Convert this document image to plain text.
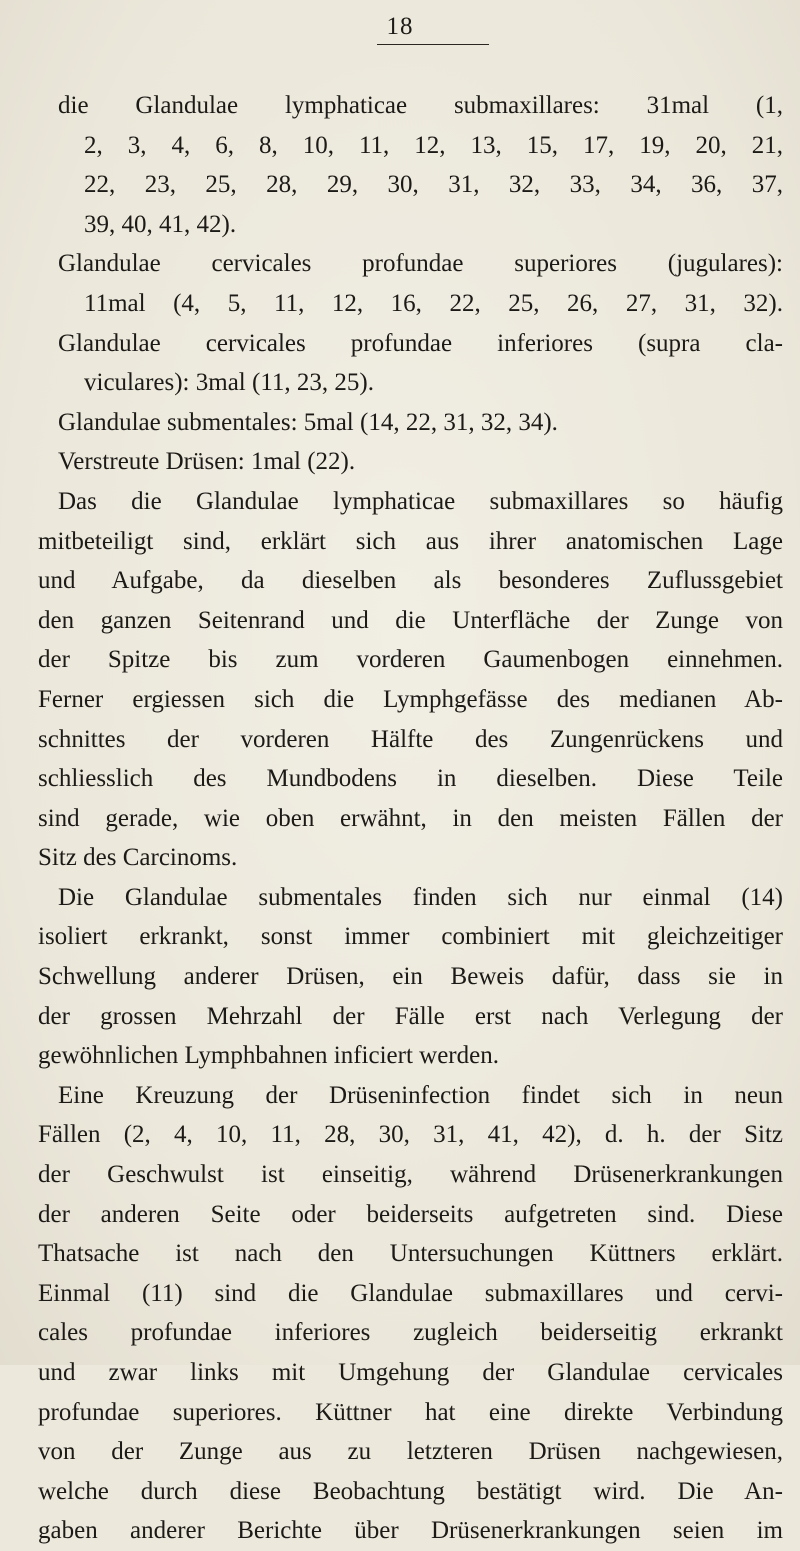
18
die Glandulae lymphaticae submaxillares: 31mal (1,
2, 3, 4, 6, 8, 10, 11, 12, 13, 15, 17, 19, 20, 21,
22, 23, 25, 28, 29, 30, 31, 32, 33, 34, 36, 37,
39, 40, 41, 42).
Glandulae cervicales profundae superiores (jugulares):
11mal (4, 5, 11, 12, 16, 22, 25, 26, 27, 31, 32).
Glandulae cervicales profundae inferiores (supra cla-
viculares): 3mal (11, 23, 25).
Glandulae submentales: 5mal (14, 22, 31, 32, 34).
Verstreute Drüsen: 1mal (22).
Das die Glandulae lymphaticae submaxillares so häufig
mitbeteiligt sind, erklärt sich aus ihrer anatomischen Lage
und Aufgabe, da dieselben als besonderes Zuflussgebiet
den ganzen Seitenrand und die Unterfläche der Zunge von
der Spitze bis zum vorderen Gaumenbogen einnehmen.
Ferner ergiessen sich die Lymphgefässe des medianen Ab-
schnittes der vorderen Hälfte des Zungenrückens und
schliesslich des Mundbodens in dieselben. Diese Teile
sind gerade, wie oben erwähnt, in den meisten Fällen der
Sitz des Carcinoms.
Die Glandulae submentales finden sich nur einmal (14)
isoliert erkrankt, sonst immer combiniert mit gleichzeitiger
Schwellung anderer Drüsen, ein Beweis dafür, dass sie in
der grossen Mehrzahl der Fälle erst nach Verlegung der
gewöhnlichen Lymphbahnen inficiert werden.
Eine Kreuzung der Drüseninfection findet sich in neun
Fällen (2, 4, 10, 11, 28, 30, 31, 41, 42), d. h. der Sitz
der Geschwulst ist einseitig, während Drüsenerkrankungen
der anderen Seite oder beiderseits aufgetreten sind. Diese
Thatsache ist nach den Untersuchungen Küttners erklärt.
Einmal (11) sind die Glandulae submaxillares und cervi-
cales profundae inferiores zugleich beiderseitig erkrankt
und zwar links mit Umgehung der Glandulae cervicales
profundae superiores. Küttner hat eine direkte Verbindung
von der Zunge aus zu letzteren Drüsen nachgewiesen,
welche durch diese Beobachtung bestätigt wird. Die An-
gaben anderer Berichte über Drüsenerkrankungen seien im
